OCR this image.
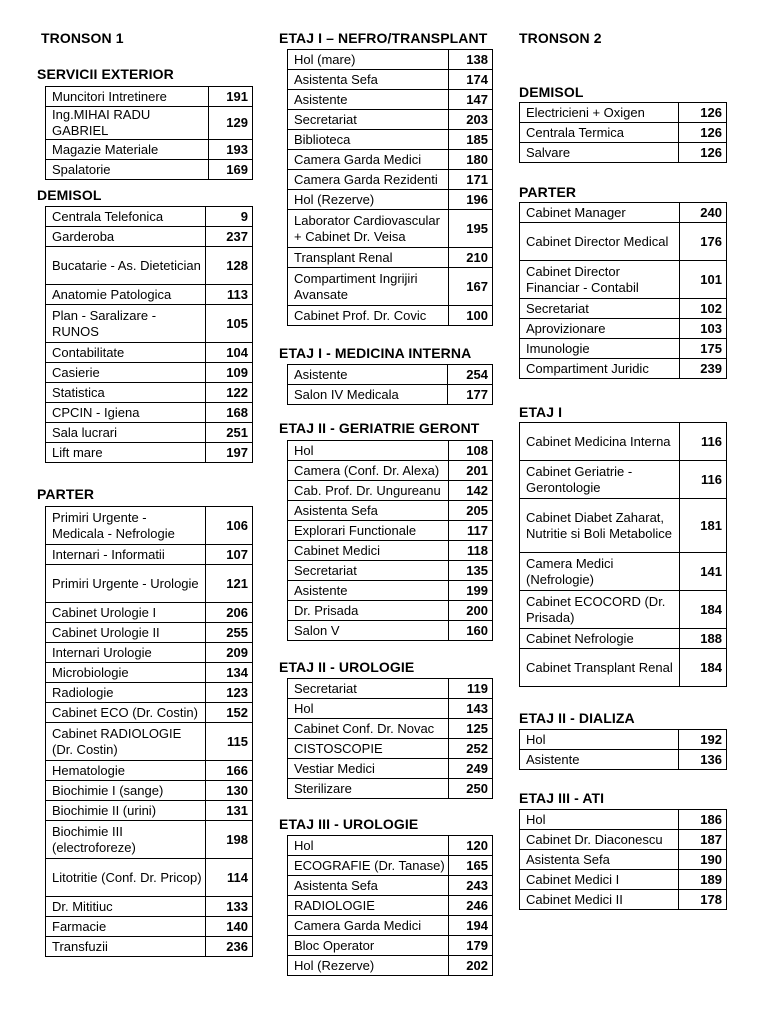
TRONSON 1
SERVICII EXTERIOR
Muncitori Intretinere	191
Ing.MIHAI RADU GABRIEL	129
Magazie Materiale	193
Spalatorie	169
DEMISOL
Centrala Telefonica	9
Garderoba	237
Bucatarie - As. Dietetician	128
Anatomie Patologica	113
Plan - Saralizare - RUNOS	105
Contabilitate	104
Casierie	109
Statistica	122
CPCIN - Igiena	168
Sala lucrari	251
Lift mare	197
PARTER
Primiri Urgente - Medicala - Nefrologie	106
Internari - Informatii	107
Primiri Urgente - Urologie	121
Cabinet Urologie I	206
Cabinet Urologie II	255
Internari Urologie	209
Microbiologie	134
Radiologie	123
Cabinet ECO (Dr. Costin)	152
Cabinet RADIOLOGIE (Dr. Costin)	115
Hematologie	166
Biochimie I (sange)	130
Biochimie II (urini)	131
Biochimie III (electroforeze)	198
Litotritie (Conf. Dr. Pricop)	114
Dr. Mititiuc	133
Farmacie	140
Transfuzii	236
ETAJ I – NEFRO/TRANSPLANT
Hol (mare)	138
Asistenta Sefa	174
Asistente	147
Secretariat	203
Biblioteca	185
Camera Garda Medici	180
Camera Garda Rezidenti	171
Hol (Rezerve)	196
Laborator Cardiovascular + Cabinet Dr. Veisa	195
Transplant Renal	210
Compartiment Ingrijiri Avansate	167
Cabinet Prof. Dr. Covic	100
ETAJ I - MEDICINA INTERNA
Asistente	254
Salon IV Medicala	177
ETAJ II - GERIATRIE GERONT
Hol	108
Camera (Conf. Dr. Alexa)	201
Cab. Prof. Dr. Ungureanu	142
Asistenta Sefa	205
Explorari Functionale	117
Cabinet Medici	118
Secretariat	135
Asistente	199
Dr. Prisada	200
Salon V	160
ETAJ II - UROLOGIE
Secretariat	119
Hol	143
Cabinet Conf. Dr. Novac	125
CISTOSCOPIE	252
Vestiar Medici	249
Sterilizare	250
ETAJ III - UROLOGIE
Hol	120
ECOGRAFIE (Dr. Tanase)	165
Asistenta Sefa	243
RADIOLOGIE	246
Camera Garda Medici	194
Bloc Operator	179
Hol (Rezerve)	202
TRONSON 2
DEMISOL
Electricieni + Oxigen	126
Centrala Termica	126
Salvare	126
PARTER
Cabinet Manager	240
Cabinet Director Medical	176
Cabinet Director Financiar - Contabil	101
Secretariat	102
Aprovizionare	103
Imunologie	175
Compartiment Juridic	239
ETAJ I
Cabinet Medicina Interna	116
Cabinet Geriatrie - Gerontologie	116
Cabinet Diabet Zaharat, Nutritie si Boli Metabolice	181
Camera Medici (Nefrologie)	141
Cabinet ECOCORD (Dr. Prisada)	184
Cabinet Nefrologie	188
Cabinet Transplant Renal	184
ETAJ II - DIALIZA
Hol	192
Asistente	136
ETAJ III - ATI
Hol	186
Cabinet Dr. Diaconescu	187
Asistenta Sefa	190
Cabinet Medici I	189
Cabinet Medici II	178
